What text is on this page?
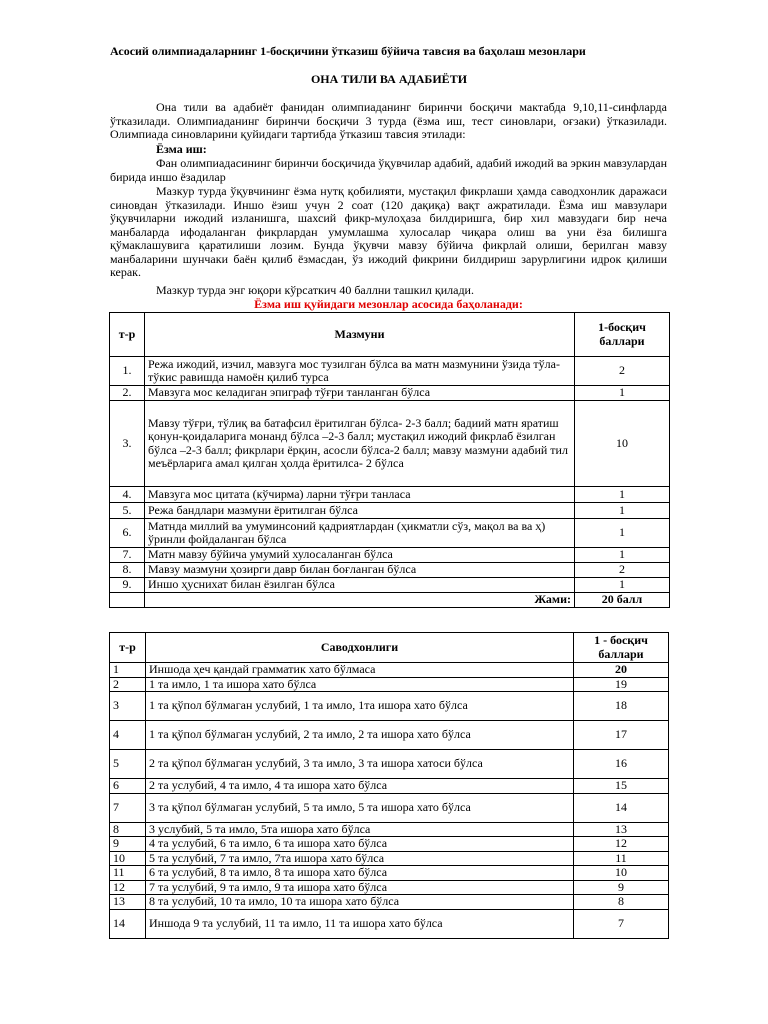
Асосий олимпиадаларнинг 1-босқичини ўтказиш бўйича тавсия ва баҳолаш мезонлари
ОНА ТИЛИ ВА АДАБИЁТИ
Она тили ва адабиёт фанидан олимпиаданинг биринчи босқичи мактабда 9,10,11-синфларда ўтказилади. Олимпиаданинг биринчи босқичи 3 турда (ёзма иш, тест синовлари, оғзаки) ўтказилади. Олимпиада синовларини қуйидаги тартибда ўтказиш тавсия этилади:
Ёзма иш:
Фан олимпиадасининг биринчи босқичида ўқувчилар адабий, адабий ижодий ва эркин мавзулардан бирида иншо ёзадилар
Мазкур турда ўқувчининг ёзма нутқ қобилияти, мустақил фикрлаши ҳамда саводхонлик даражаси синовдан ўтказилади. Иншо ёзиш учун 2 соат (120 дақиқа) вақт ажратилади. Ёзма иш мавзулари ўқувчиларни ижодий изланишга, шахсий фикр-мулоҳаза билдиришга, бир хил мавзудаги бир неча манбаларда ифодаланган фикрлардан умумлашма хулосалар чиқара олиш ва уни ёза билишга қўмаклашувига қаратилиши лозим. Бунда ўқувчи мавзу бўйича фикрлай олиши, берилган мавзу манбаларини шунчаки баён қилиб ёзмасдан, ўз ижодий фикрини билдириш зарурлигини идрок қилиши керак.
Мазкур турда энг юқори кўрсаткич 40 баллни ташкил қилади.
Ёзма иш қуйидаги мезонлар асосида баҳоланади:
т-р	Мазмуни	1-босқич баллари
1.	Режа ижодий, изчил, мавзуга мос тузилган бўлса ва матн мазмунини ўзида тўла-тўкис равишда намоён қилиб турса	2
2.	Мавзуга мос келадиган эпиграф тўғри танланган бўлса	1
3.	Мавзу тўғри, тўлиқ ва батафсил ёритилган бўлса- 2-3 балл; бадиий матн яратиш қонун-қоидаларига монанд бўлса –2-3 балл; мустақил ижодий фикрлаб ёзилган бўлса –2-3 балл; фикрлари ёрқин, асосли бўлса-2 балл; мавзу мазмуни адабий тил меъёрларига амал қилган ҳолда ёритилса- 2 бўлса	10
4.	Мавзуга мос цитата (кўчирма) ларни тўғри танласа	1
5.	Режа бандлари мазмуни ёритилган бўлса	1
6.	Матнда миллий ва умуминсоний қадриятлардан (ҳикматли сўз, мақол ва ва ҳ) ўринли фойдаланган бўлса	1
7.	Матн мавзу бўйича умумий хулосаланган бўлса	1
8.	Мавзу мазмуни ҳозирги давр билан боғланган бўлса	2
9.	Иншо ҳуснихат билан ёзилган бўлса	1
	Жами:	20 балл
т-р	Саводхонлиги	1 - босқич баллари
1	Иншода ҳеч қандай грамматик хато бўлмаса	20
2	1 та имло, 1 та ишора хато бўлса	19
3	1 та қўпол бўлмаган услубий, 1 та имло, 1та ишора хато бўлса	18
4	1 та қўпол бўлмаган услубий, 2 та имло, 2 та ишора хато бўлса	17
5	2 та қўпол бўлмаган услубий, 3 та имло, 3 та ишора хатоси бўлса	16
6	2 та услубий, 4 та имло, 4 та ишора хато бўлса	15
7	3 та қўпол бўлмаган услубий, 5 та имло, 5 та ишора хато бўлса	14
8	3 услубий, 5 та имло, 5та ишора хато бўлса	13
9	4 та услубий, 6 та имло, 6 та ишора хато бўлса	12
10	5 та услубий, 7 та имло, 7та ишора хато бўлса	11
11	6 та услубий, 8 та имло, 8 та ишора хато бўлса	10
12	7 та услубий, 9 та имло, 9 та ишора хато бўлса	9
13	8 та услубий, 10 та имло, 10 та ишора хато бўлса	8
14	Иншода 9 та услубий, 11 та имло, 11 та ишора хато бўлса	7
